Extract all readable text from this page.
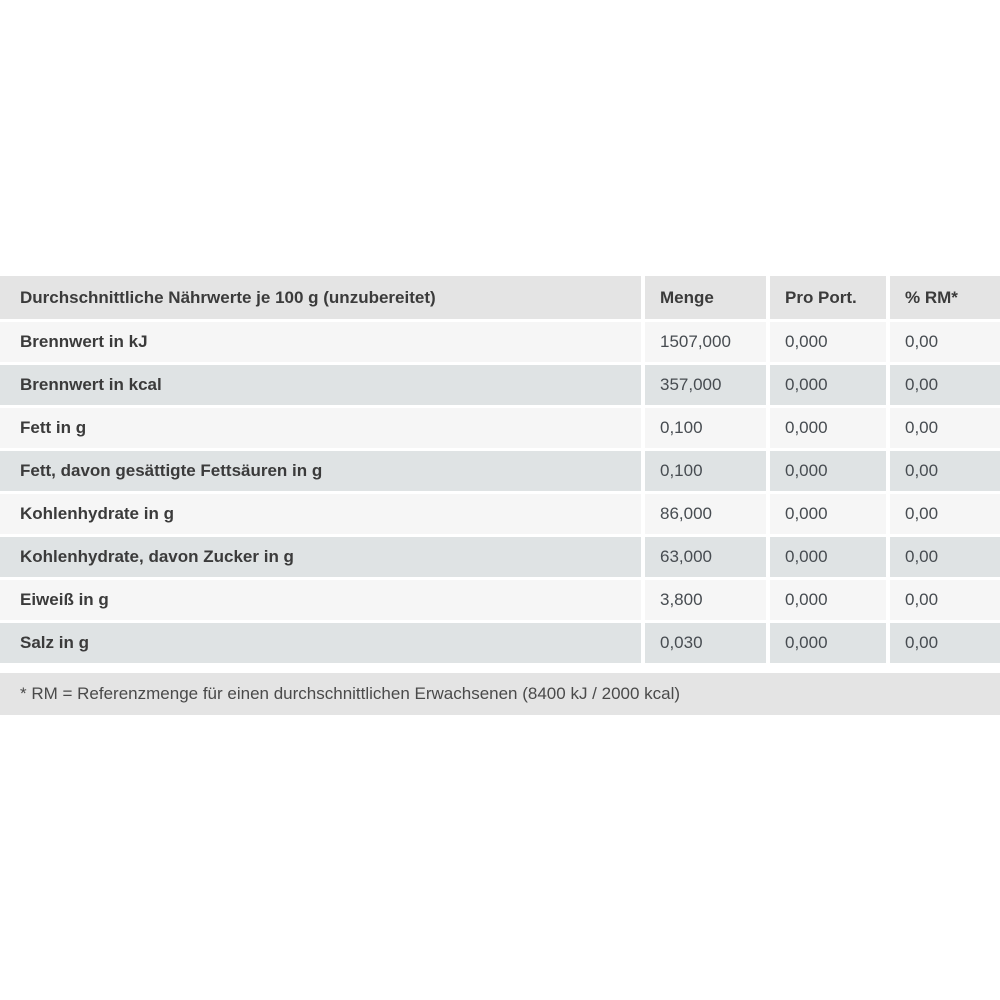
Durchschnittliche Nährwerte je 100 g (unzubereitet)	Menge	Pro Port.	% RM*
Brennwert in kJ	1507,000	0,000	0,00
Brennwert in kcal	357,000	0,000	0,00
Fett in g	0,100	0,000	0,00
Fett, davon gesättigte Fettsäuren in g	0,100	0,000	0,00
Kohlenhydrate in g	86,000	0,000	0,00
Kohlenhydrate, davon Zucker in g	63,000	0,000	0,00
Eiweiß in g	3,800	0,000	0,00
Salz in g	0,030	0,000	0,00
* RM = Referenzmenge für einen durchschnittlichen Erwachsenen (8400 kJ / 2000 kcal)
